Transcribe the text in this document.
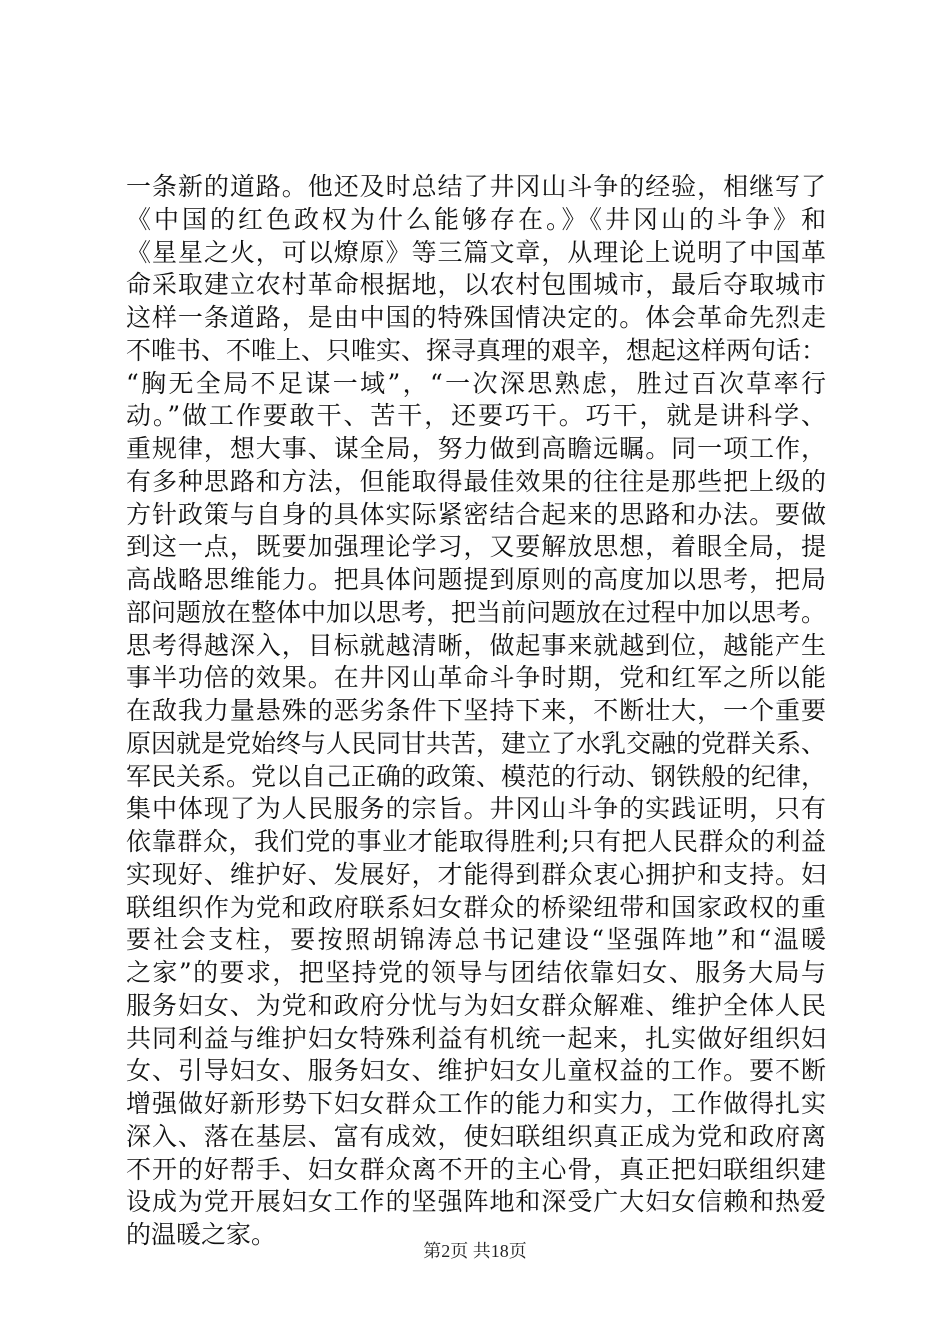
一条新的道路。他还及时总结了井冈山斗争的经验，相继写了
《中国的红色政权为什么能够存在。》《井冈山的斗争》和
《星星之火，可以燎原》等三篇文章，从理论上说明了中国革
命采取建立农村革命根据地，以农村包围城市，最后夺取城市
这样一条道路，是由中国的特殊国情决定的。体会革命先烈走
不唯书、不唯上、只唯实、探寻真理的艰辛，想起这样两句话：
“胸无全局不足谋一域”，“一次深思熟虑，胜过百次草率行
动。”做工作要敢干、苦干，还要巧干。巧干，就是讲科学、
重规律，想大事、谋全局，努力做到高瞻远瞩。同一项工作，
有多种思路和方法，但能取得最佳效果的往往是那些把上级的
方针政策与自身的具体实际紧密结合起来的思路和办法。要做
到这一点，既要加强理论学习，又要解放思想，着眼全局，提
高战略思维能力。把具体问题提到原则的高度加以思考，把局
部问题放在整体中加以思考，把当前问题放在过程中加以思考。
思考得越深入，目标就越清晰，做起事来就越到位，越能产生
事半功倍的效果。在井冈山革命斗争时期，党和红军之所以能
在敌我力量悬殊的恶劣条件下坚持下来，不断壮大，一个重要
原因就是党始终与人民同甘共苦，建立了水乳交融的党群关系、
军民关系。党以自己正确的政策、模范的行动、钢铁般的纪律，
集中体现了为人民服务的宗旨。井冈山斗争的实践证明，只有
依靠群众，我们党的事业才能取得胜利;只有把人民群众的利益
实现好、维护好、发展好，才能得到群众衷心拥护和支持。妇
联组织作为党和政府联系妇女群众的桥梁纽带和国家政权的重
要社会支柱，要按照胡锦涛总书记建设“坚强阵地”和“温暖
之家”的要求，把坚持党的领导与团结依靠妇女、服务大局与
服务妇女、为党和政府分忧与为妇女群众解难、维护全体人民
共同利益与维护妇女特殊利益有机统一起来，扎实做好组织妇
女、引导妇女、服务妇女、维护妇女儿童权益的工作。要不断
增强做好新形势下妇女群众工作的能力和实力，工作做得扎实
深入、落在基层、富有成效，使妇联组织真正成为党和政府离
不开的好帮手、妇女群众离不开的主心骨，真正把妇联组织建
设成为党开展妇女工作的坚强阵地和深受广大妇女信赖和热爱
的温暖之家。

第2页 共18页
